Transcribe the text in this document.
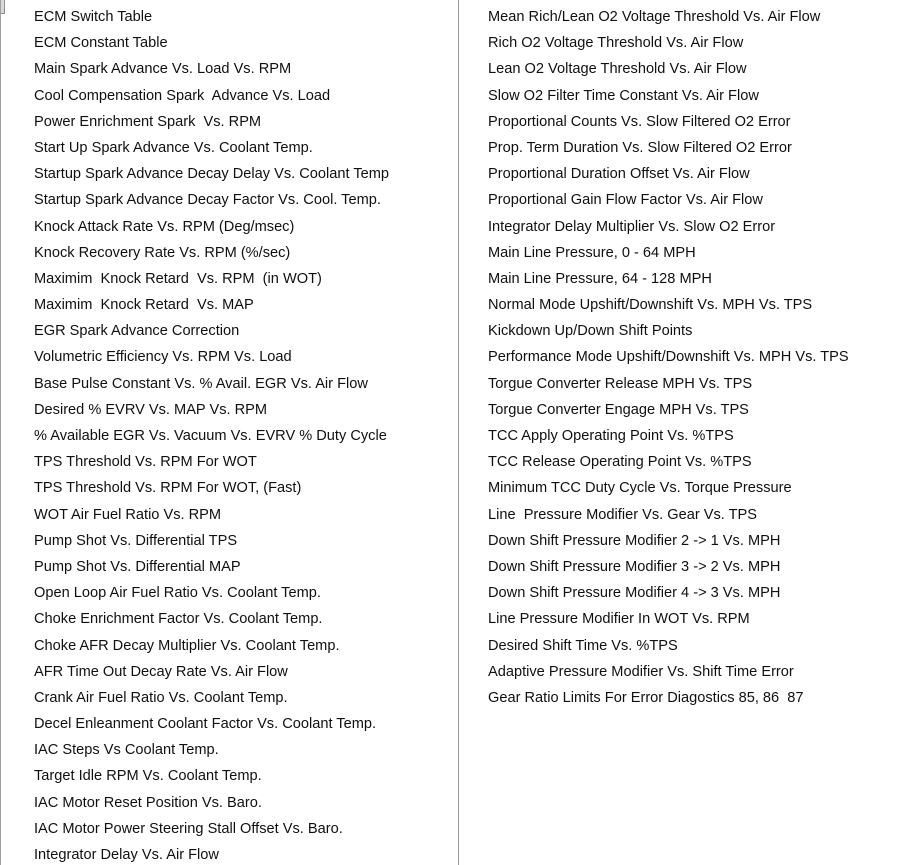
ECM Switch Table
ECM Constant Table
Main Spark Advance Vs. Load Vs. RPM
Cool Compensation Spark  Advance Vs. Load
Power Enrichment Spark  Vs. RPM
Start Up Spark Advance Vs. Coolant Temp.
Startup Spark Advance Decay Delay Vs. Coolant Temp
Startup Spark Advance Decay Factor Vs. Cool. Temp.
Knock Attack Rate Vs. RPM (Deg/msec)
Knock Recovery Rate Vs. RPM (%/sec)
Maximim  Knock Retard  Vs. RPM  (in WOT)
Maximim  Knock Retard  Vs. MAP
EGR Spark Advance Correction
Volumetric Efficiency Vs. RPM Vs. Load
Base Pulse Constant Vs. % Avail. EGR Vs. Air Flow
Desired % EVRV Vs. MAP Vs. RPM
% Available EGR Vs. Vacuum Vs. EVRV % Duty Cycle
TPS Threshold Vs. RPM For WOT
TPS Threshold Vs. RPM For WOT, (Fast)
WOT Air Fuel Ratio Vs. RPM
Pump Shot Vs. Differential TPS
Pump Shot Vs. Differential MAP
Open Loop Air Fuel Ratio Vs. Coolant Temp.
Choke Enrichment Factor Vs. Coolant Temp.
Choke AFR Decay Multiplier Vs. Coolant Temp.
AFR Time Out Decay Rate Vs. Air Flow
Crank Air Fuel Ratio Vs. Coolant Temp.
Decel Enleanment Coolant Factor Vs. Coolant Temp.
IAC Steps Vs Coolant Temp.
Target Idle RPM Vs. Coolant Temp.
IAC Motor Reset Position Vs. Baro.
IAC Motor Power Steering Stall Offset Vs. Baro.
Integrator Delay Vs. Air Flow
Mean Rich/Lean O2 Voltage Threshold Vs. Air Flow
Rich O2 Voltage Threshold Vs. Air Flow
Lean O2 Voltage Threshold Vs. Air Flow
Slow O2 Filter Time Constant Vs. Air Flow
Proportional Counts Vs. Slow Filtered O2 Error
Prop. Term Duration Vs. Slow Filtered O2 Error
Proportional Duration Offset Vs. Air Flow
Proportional Gain Flow Factor Vs. Air Flow
Integrator Delay Multiplier Vs. Slow O2 Error
Main Line Pressure, 0 - 64 MPH
Main Line Pressure, 64 - 128 MPH
Normal Mode Upshift/Downshift Vs. MPH Vs. TPS
Kickdown Up/Down Shift Points
Performance Mode Upshift/Downshift Vs. MPH Vs. TPS
Torgue Converter Release MPH Vs. TPS
Torgue Converter Engage MPH Vs. TPS
TCC Apply Operating Point Vs. %TPS
TCC Release Operating Point Vs. %TPS
Minimum TCC Duty Cycle Vs. Torque Pressure
Line  Pressure Modifier Vs. Gear Vs. TPS
Down Shift Pressure Modifier 2 -> 1 Vs. MPH
Down Shift Pressure Modifier 3 -> 2 Vs. MPH
Down Shift Pressure Modifier 4 -> 3 Vs. MPH
Line Pressure Modifier In WOT Vs. RPM
Desired Shift Time Vs. %TPS
Adaptive Pressure Modifier Vs. Shift Time Error
Gear Ratio Limits For Error Diagostics 85, 86  87
